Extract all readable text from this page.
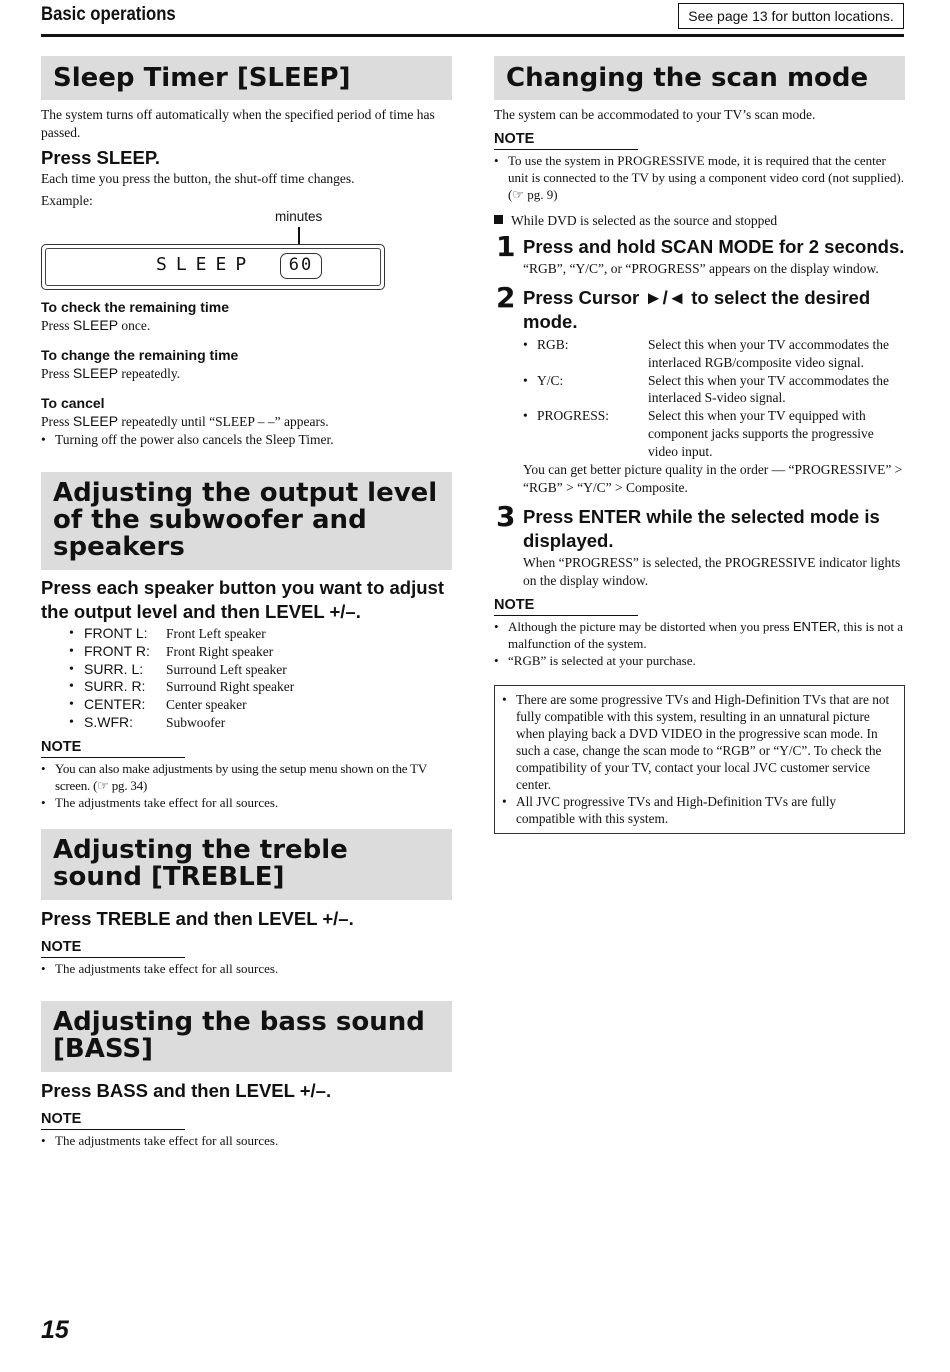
Basic operations	See page 13 for button locations.
Sleep Timer [SLEEP]

The system turns off automatically when the specified period of time has passed.

Press SLEEP.

Each time you press the button, the shut-off time changes.

Example:

minutes
SLEEP	60

To check the remaining time

Press SLEEP once.

To change the remaining time

Press SLEEP repeatedly.

To cancel

Press SLEEP repeatedly until “SLEEP – –” appears.

• Turning off the power also cancels the Sleep Timer.
Adjusting the output level of the subwoofer and speakers

Press each speaker button you want to adjust the output level and then LEVEL +/–.

• FRONT L:	Front Left speaker
• FRONT R:	Front Right speaker
• SURR. L:	Surround Left speaker
• SURR. R:	Surround Right speaker
• CENTER:	Center speaker
• S.WFR:	Subwoofer
NOTE
• You can also make adjustments by using the setup menu shown on the TV screen. (☞ pg. 34)
• The adjustments take effect for all sources.
Adjusting the treble sound [TREBLE]

Press TREBLE and then LEVEL +/–.

NOTE
• The adjustments take effect for all sources.
Adjusting the bass sound [BASS]

Press BASS and then LEVEL +/–.

NOTE
• The adjustments take effect for all sources.
Changing the scan mode

The system can be accommodated to your TV’s scan mode.

NOTE
• To use the system in PROGRESSIVE mode, it is required that the center unit is connected to the TV by using a component video cord (not supplied). (☞ pg. 9)

While DVD is selected as the source and stopped

1 Press and hold SCAN MODE for 2 seconds.

“RGB”, “Y/C”, or “PROGRESS” appears on the display window.

2 Press Cursor ►/◄ to select the desired mode.

• RGB:	Select this when your TV accommodates the interlaced RGB/composite video signal.
• Y/C:	Select this when your TV accommodates the interlaced S-video signal.
• PROGRESS:	Select this when your TV equipped with component jacks supports the progressive video input.

You can get better picture quality in the order — “PROGRESSIVE” > “RGB” > “Y/C” > Composite.

3 Press ENTER while the selected mode is displayed.

When “PROGRESS” is selected, the PROGRESSIVE indicator lights on the display window.

NOTE
• Although the picture may be distorted when you press ENTER, this is not a malfunction of the system.
• “RGB” is selected at your purchase.
• There are some progressive TVs and High-Definition TVs that are not fully compatible with this system, resulting in an unnatural picture when playing back a DVD VIDEO in the progressive scan mode. In such a case, change the scan mode to “RGB” or “Y/C”. To check the compatibility of your TV, contact your local JVC customer service center.
• All JVC progressive TVs and High-Definition TVs are fully compatible with this system.
15
